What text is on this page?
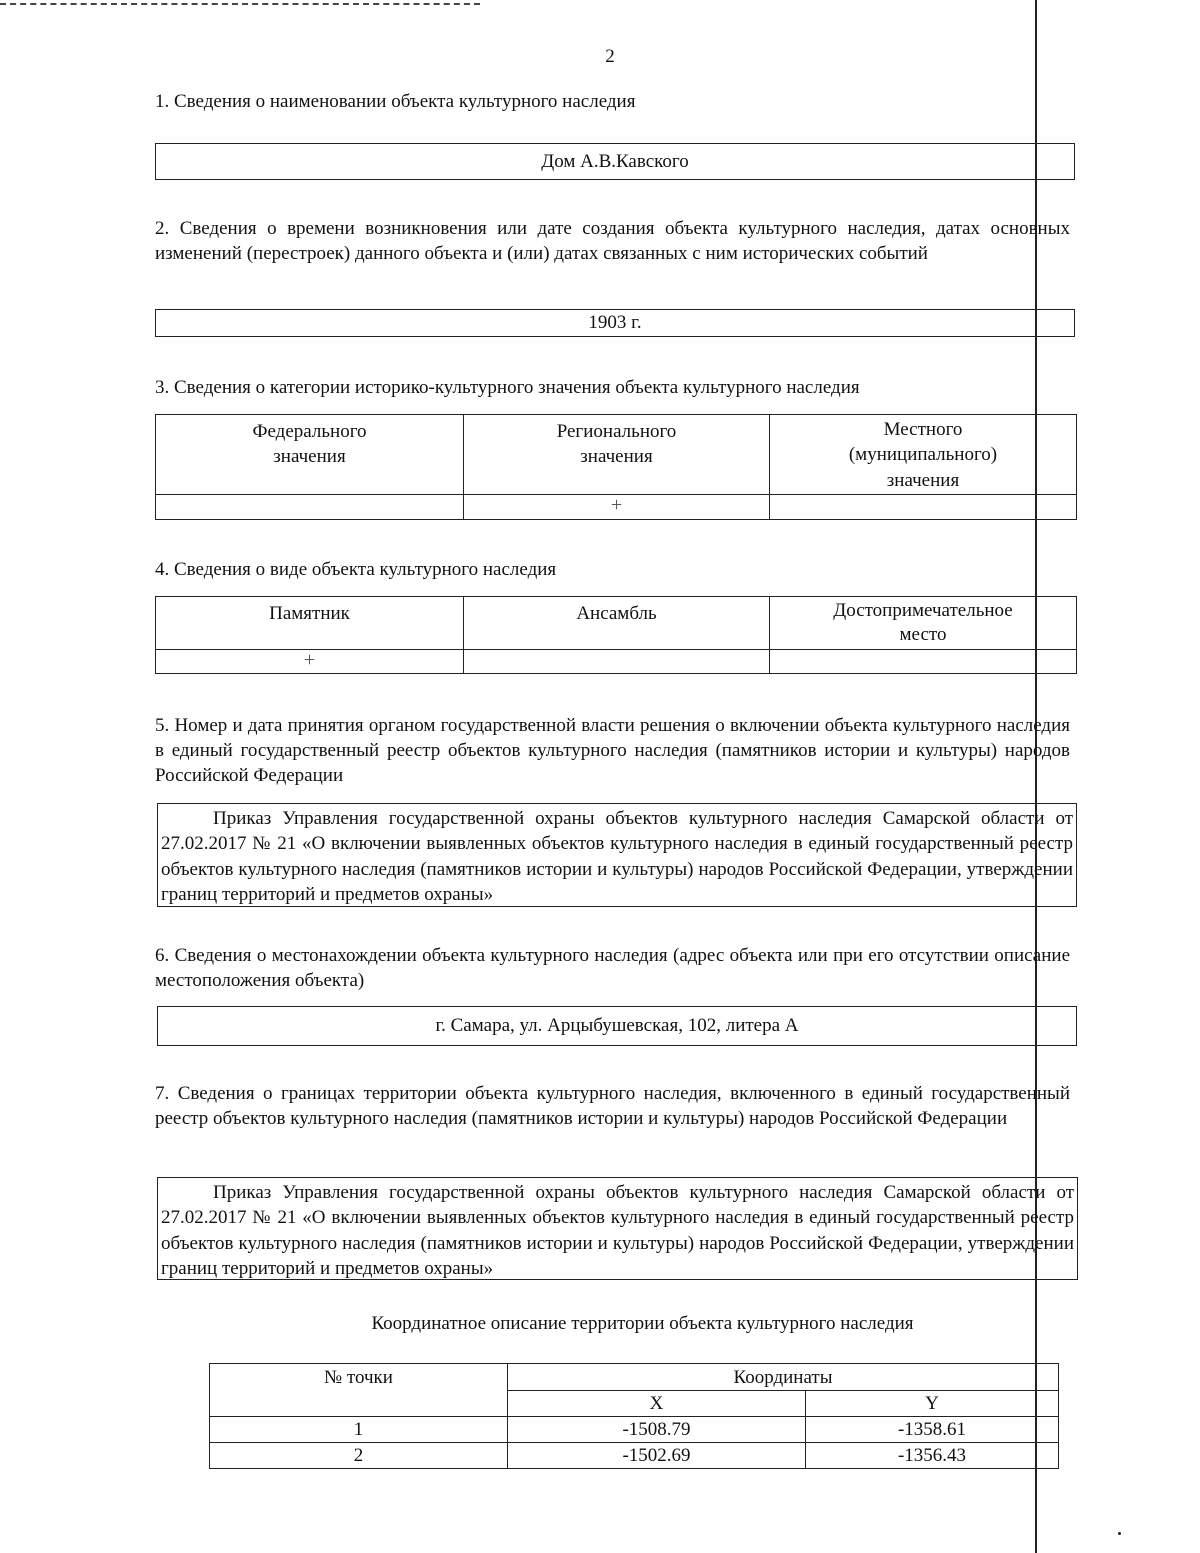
2
1. Сведения о наименовании объекта культурного наследия
Дом А.В.Кавского
2. Сведения о времени возникновения или дате создания объекта культурного наследия, датах основных изменений (перестроек) данного объекта и (или) датах связанных с ним исторических событий
1903 г.
3. Сведения о категории историко-культурного значения объекта культурного наследия
Федерального значения	Регионального значения	Местного (муниципального) значения

	+	
4. Сведения о виде объекта культурного наследия
Памятник	Ансамбль	Достопримечательное место

+		
5. Номер и дата принятия органом государственной власти решения о включении объекта культурного наследия в единый государственный реестр объектов культурного наследия (памятников истории и культуры) народов Российской Федерации
Приказ Управления государственной охраны объектов культурного наследия Самарской области от 27.02.2017 № 21 «О включении выявленных объектов культурного наследия в единый государственный реестр объектов культурного наследия (памятников истории и культуры) народов Российской Федерации, утверждении границ территорий и предметов охраны»
6. Сведения о местонахождении объекта культурного наследия (адрес объекта или при его отсутствии описание местоположения объекта)
г. Самара, ул. Арцыбушевская, 102, литера А
7. Сведения о границах территории объекта культурного наследия, включенного в единый государственный реестр объектов культурного наследия (памятников истории и культуры) народов Российской Федерации
Приказ Управления государственной охраны объектов культурного наследия Самарской области от 27.02.2017 № 21 «О включении выявленных объектов культурного наследия в единый государственный реестр объектов культурного наследия (памятников истории и культуры) народов Российской Федерации, утверждении границ территорий и предметов охраны»
Координатное описание территории объекта культурного наследия
№ точки	Координаты	
	X	Y
1	-1508.79	-1358.61
2	-1502.69	-1356.43
